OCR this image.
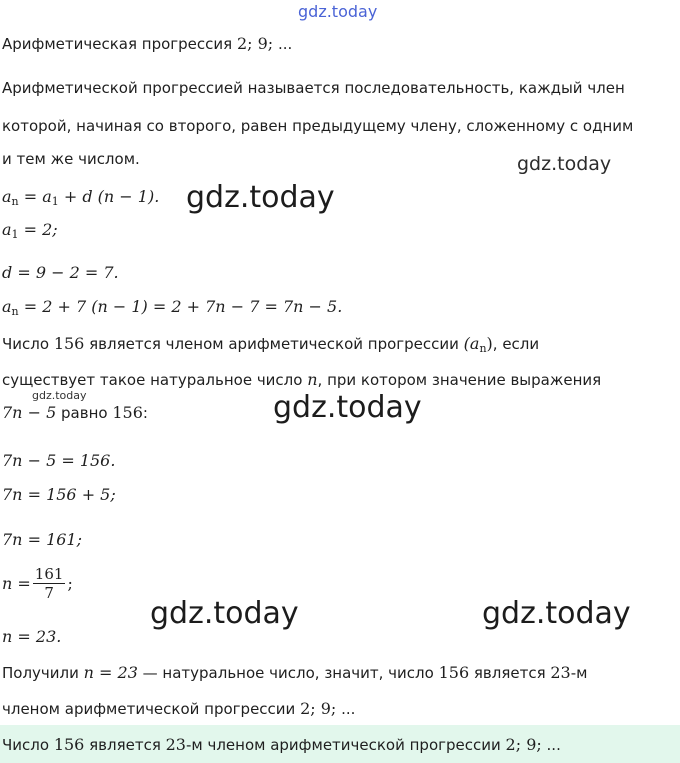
gdz.today
Арифметическая прогрессия 2; 9; ...
Арифметической прогрессией называется последовательность, каждый член
которой, начиная со второго, равен предыдущему члену, сложенному с одним
и тем же числом.	gdz.today
$a_n = a_1 + d$ (n − 1). gdz.today
$a_1 = 2$;
d = 9 − 2 = 7.
$a_n = 2 + 7$ (n − 1) = 2 + 7n − 7 = 7n − 5.
Число 156 является членом арифметической прогрессии $(a_n)$, если
существует такое натуральное число n, при котором значение выражения
gdz.today
7n − 5 равно 156:	gdz.today
7n − 5 = 156.
7n = 156 + 5;
7n = 161;
$n = \frac{161}{7}$ ;
gdz.today	gdz.today
n = 23.
Получили n = 23 — натуральное число, значит, число 156 является 23-м
членом арифметической прогрессии 2; 9; ...
Число 156 является 23-м членом арифметической прогрессии 2; 9; ...
